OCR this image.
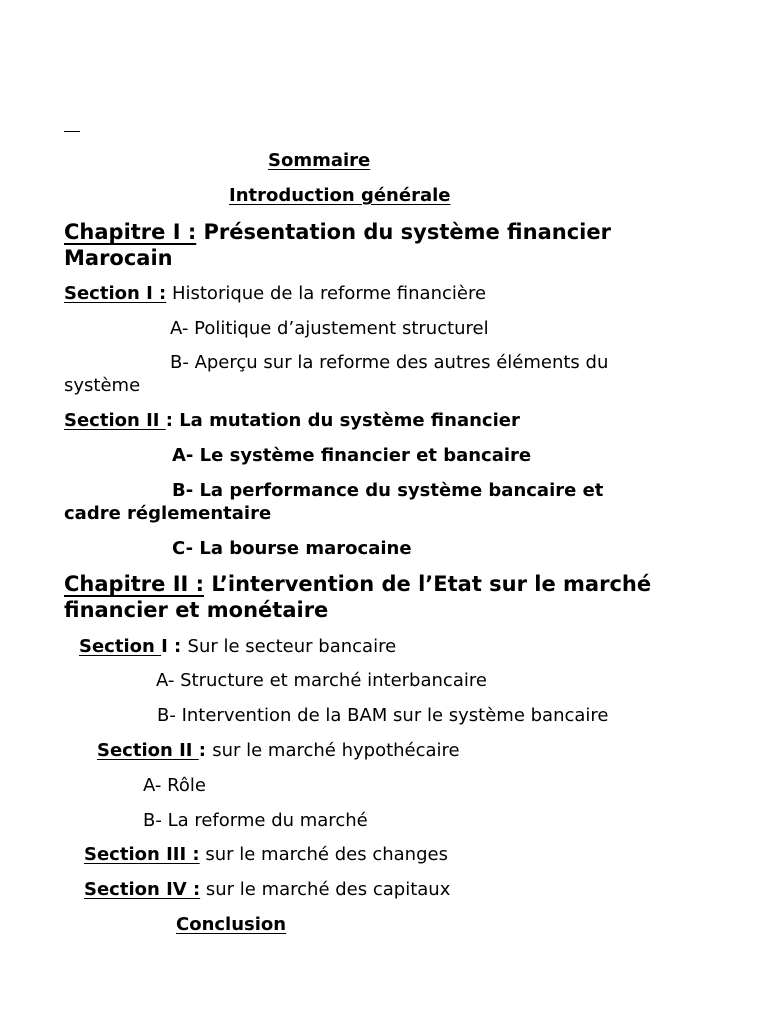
Sommaire

Introduction générale

Chapitre I : Présentation du système financier
Marocain

Section I : Historique de la reforme financière

A- Politique d’ajustement structurel

B- Aperçu sur la reforme des autres éléments du
système

Section II : La mutation du système financier

A- Le système financier et bancaire

B- La performance du système bancaire et
cadre réglementaire

C- La bourse marocaine

Chapitre II : L’intervention de l’Etat sur le marché
financier et monétaire

Section I : Sur le secteur bancaire

A- Structure et marché interbancaire

B- Intervention de la BAM sur le système bancaire

Section II : sur le marché hypothécaire

A- Rôle

B- La reforme du marché

Section III : sur le marché des changes

Section IV : sur le marché des capitaux

Conclusion
